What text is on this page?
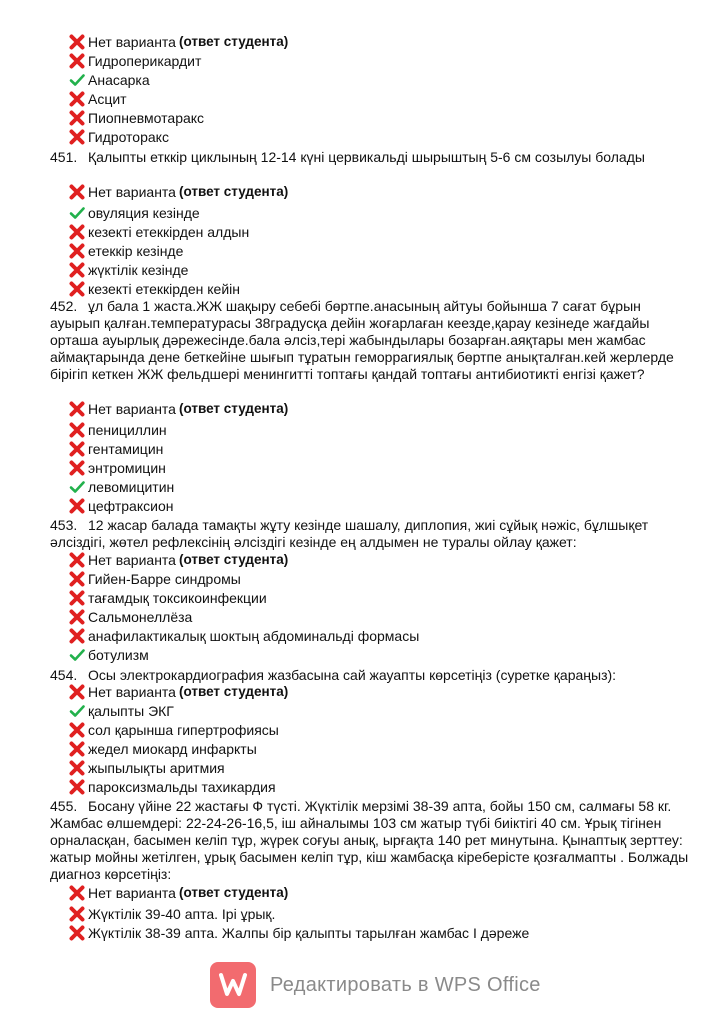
Нет варианта (ответ студента)
Гидроперикардит
Анасарка
Асцит
Пиопневмотаракс
Гидроторакс
451. Қалыпты етккір циклының 12-14 күні цервикальді шырыштың 5-6 см созылуы болады
Нет варианта (ответ студента)
овуляция кезінде
кезекті етеккірден алдын
етеккір кезінде
жүктілік кезінде
кезекті етеккірден кейін
452. ұл бала 1 жаста.ЖЖ шақыру себебі бөртпе.анасының айтуы бойынша 7 сағат бұрын ауырып қалған.температурасы 38градусқа дейін жоғарлаған кеезде,қарау кезінеде жағдайы орташа ауырлық дәрежесінде.бала әлсіз,тері жабындылары бозарған.аяқтары мен жамбас аймақтарында дене беткейіне шығып тұратын геморрагиялық бөртпе анықталған.кей жерлерде бірігіп кеткен ЖЖ фельдшері менингитті топтағы қандай топтағы антибиотикті енгізі қажет?
Нет варианта (ответ студента)
пенициллин
гентамицин
энтромицин
левомицитин
цефтраксион
453. 12 жасар балада тамақты жұту кезінде шашалу, диплопия, жиі сұйық нәжіс, бұлшықет әлсіздігі, жөтел рефлексінің әлсіздігі кезінде ең алдымен не туралы ойлау қажет:
Нет варианта (ответ студента)
Гийен-Барре синдромы
тағамдық токсикоинфекции
Сальмонеллёза
анафилактикалық шоктың абдоминальді формасы
ботулизм
454. Осы электрокардиография жазбасына сай жауапты көрсетіңіз (суретке қараңыз):
Нет варианта (ответ студента)
қалыпты ЭКГ
сол қарынша гипертрофиясы
жедел миокард инфаркты
жыпылықты аритмия
пароксизмальды тахикардия
455. Босану үйіне 22 жастағы Ф түсті. Жүктілік мерзімі 38-39 апта, бойы 150 см, салмағы 58 кг. Жамбас өлшемдері: 22-24-26-16,5, іш айналымы 103 см жатыр түбі биіктігі 40 см. Ұрық тігінен орналасқан, басымен келіп тұр, жүрек соғуы анық, ырғақта 140 рет минутына. Қынаптық зерттеу: жатыр мойны жетілген, ұрық басымен келіп тұр, кіш жамбасқа кіреберісте қозғалмапты . Болжады диагноз көрсетіңіз:
Нет варианта (ответ студента)
Жүктілік 39-40 апта. Ірі ұрық.
Жүктілік 38-39 апта. Жалпы бір қалыпты тарылған жамбас I дәреже
Редактировать в WPS Office
